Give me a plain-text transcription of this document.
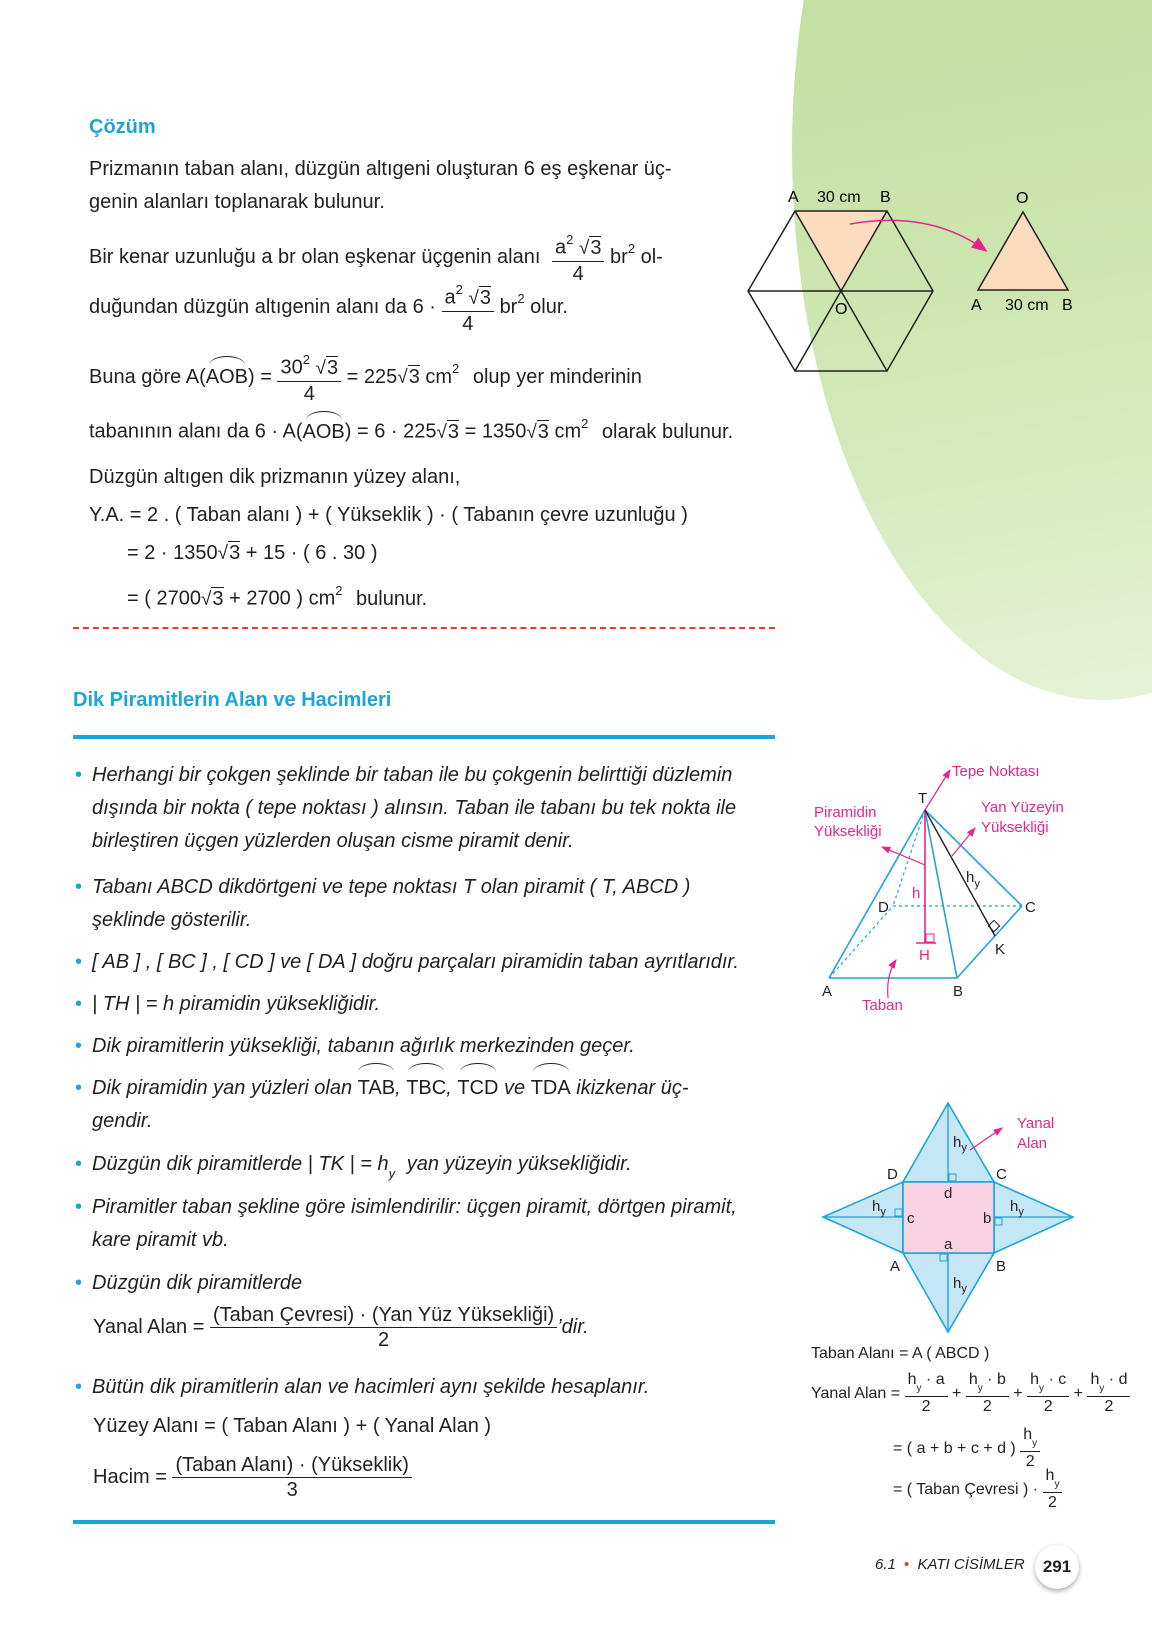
Çözüm
Prizmanın taban alanı, düzgün altıgeni oluşturan 6 eş eşkenar üç-
genin alanları toplanarak bulunur.
Bir kenar uzunluğu a br olan eşkenar üçgenin alanı $\frac{a^2 √3}{4} br^2$ ol-
duğundan düzgün altıgenin alanı da $6 \cdot \frac{a^2 √3}{4} br^2$ olur.
Buna göre $A(AOB) = \frac{30^2 √3}{4} = 225√3$ $cm^2$ olup yer minderinin
tabanının alanı da 6 · A(AOB) = 6 · 225√3 = 1350√3 $cm^2$ olarak bulunur.
Düzgün altıgen dik prizmanın yüzey alanı,
Y.A. = 2 . ( Taban alanı ) + ( Yükseklik ) · ( Tabanın çevre uzunluğu )
= 2 · 1350√3 + 15 · ( 6 . 30 )
= ( 2700√3 + 2700 ) $cm^2$ bulunur.
A 30 cm B
O
O
A 30 cm B
Dik Piramitlerin Alan ve Hacimleri
• Herhangi bir çokgen şeklinde bir taban ile bu çokgenin belirttiği düzlemin
dışında bir nokta ( tepe noktası ) alınsın. Taban ile tabanı bu tek nokta ile
birleştiren üçgen yüzlerden oluşan cisme piramit denir.
• Tabanı ABCD dikdörtgeni ve tepe noktası T olan piramit ( T, ABCD )
şeklinde gösterilir.
• [ AB ] , [ BC ] , [ CD ] ve [ DA ] doğru parçaları piramidin taban ayrıtlarıdır.
• | TH | = h piramidin yüksekliğidir.
• Dik piramitlerin yüksekliği, tabanın ağırlık merkezinden geçer.
• Dik piramidin yan yüzleri olan TAB, TBC, TCD ve TDA ikizkenar üç-
gendir.
• Düzgün dik piramitlerde | TK | = $h_y$ yan yüzeyin yüksekliğidir.
• Piramitler taban şekline göre isimlendirilir: üçgen piramit, dörtgen piramit,
kare piramit vb.
• Düzgün dik piramitlerde
• Bütün dik piramitlerin alan ve hacimleri aynı şekilde hesaplanır.
Yanal Alan = $\frac{\text{(Taban Çevresi) · (Yan Yüz Yüksekliği)}}{2}$ ’dir.
Yüzey Alanı = ( Taban Alanı ) + ( Yanal Alan )
Hacim = $\frac{\text{(Taban Alanı) · (Yükseklik)}}{3}$
T
A	B
C
D
K
$h_y$
h
H
Tepe Noktası
Piramidin
Yüksekliği
Yan Yüzeyin
Yüksekliği
Taban
D	C
A	B
d
a
c	b
$h_y$
$h_y$
$h_y$	$h_y$
Yanal
Alan
Taban Alanı = A ( ABCD )
Yanal Alan = $\frac{h_y \cdot a}{2} + \frac{h_y \cdot b}{2} + \frac{h_y \cdot c}{2} + \frac{h_y \cdot d}{2}$
= ( a + b + c + d ) $\frac{h_y}{2}$
= ( Taban Çevresi ) · $\frac{h_y}{2}$
6.1 • KATI CİSİMLER	291
